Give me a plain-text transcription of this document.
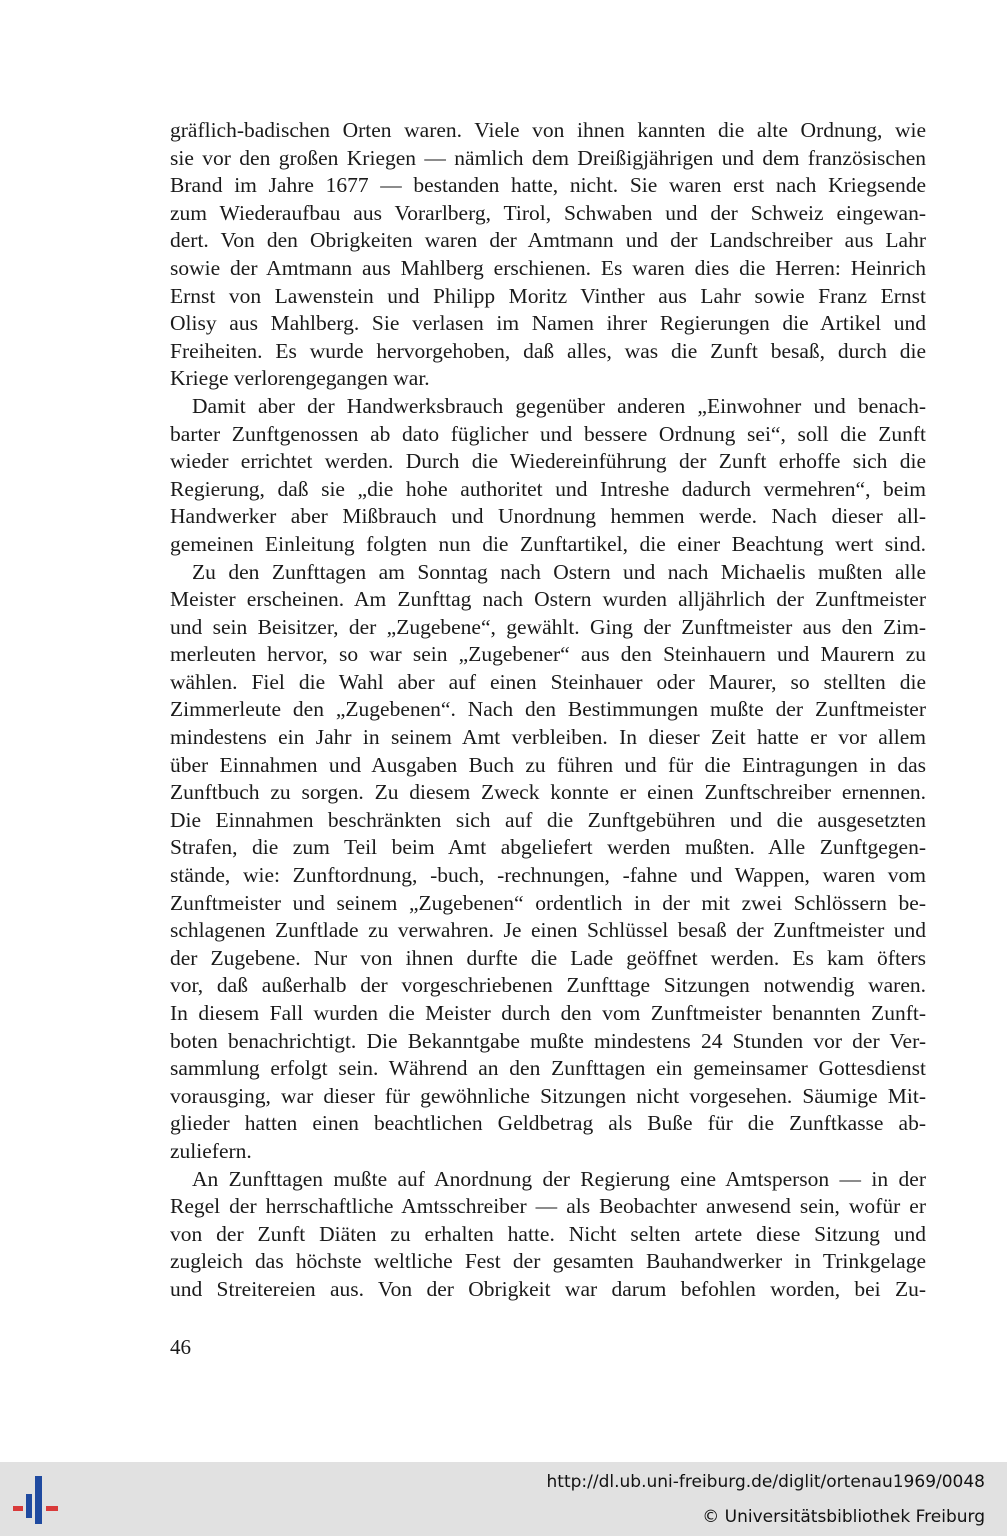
gräflich-badischen Orten waren. Viele von ihnen kannten die alte Ordnung, wie
sie vor den großen Kriegen — nämlich dem Dreißigjährigen und dem französischen
Brand im Jahre 1677 — bestanden hatte, nicht. Sie waren erst nach Kriegsende
zum Wiederaufbau aus Vorarlberg, Tirol, Schwaben und der Schweiz eingewan-
dert. Von den Obrigkeiten waren der Amtmann und der Landschreiber aus Lahr
sowie der Amtmann aus Mahlberg erschienen. Es waren dies die Herren: Heinrich
Ernst von Lawenstein und Philipp Moritz Vinther aus Lahr sowie Franz Ernst
Olisy aus Mahlberg. Sie verlasen im Namen ihrer Regierungen die Artikel und
Freiheiten. Es wurde hervorgehoben, daß alles, was die Zunft besaß, durch die
Kriege verlorengegangen war.
Damit aber der Handwerksbrauch gegenüber anderen „Einwohner und benach-
barter Zunftgenossen ab dato füglicher und bessere Ordnung sei“, soll die Zunft
wieder errichtet werden. Durch die Wiedereinführung der Zunft erhoffe sich die
Regierung, daß sie „die hohe authoritet und Intreshe dadurch vermehren“, beim
Handwerker aber Mißbrauch und Unordnung hemmen werde. Nach dieser all-
gemeinen Einleitung folgten nun die Zunftartikel, die einer Beachtung wert sind.
Zu den Zunfttagen am Sonntag nach Ostern und nach Michaelis mußten alle
Meister erscheinen. Am Zunfttag nach Ostern wurden alljährlich der Zunftmeister
und sein Beisitzer, der „Zugebene“, gewählt. Ging der Zunftmeister aus den Zim-
merleuten hervor, so war sein „Zugebener“ aus den Steinhauern und Maurern zu
wählen. Fiel die Wahl aber auf einen Steinhauer oder Maurer, so stellten die
Zimmerleute den „Zugebenen“. Nach den Bestimmungen mußte der Zunftmeister
mindestens ein Jahr in seinem Amt verbleiben. In dieser Zeit hatte er vor allem
über Einnahmen und Ausgaben Buch zu führen und für die Eintragungen in das
Zunftbuch zu sorgen. Zu diesem Zweck konnte er einen Zunftschreiber ernennen.
Die Einnahmen beschränkten sich auf die Zunftgebühren und die ausgesetzten
Strafen, die zum Teil beim Amt abgeliefert werden mußten. Alle Zunftgegen-
stände, wie: Zunftordnung, -buch, -rechnungen, -fahne und Wappen, waren vom
Zunftmeister und seinem „Zugebenen“ ordentlich in der mit zwei Schlössern be-
schlagenen Zunftlade zu verwahren. Je einen Schlüssel besaß der Zunftmeister und
der Zugebene. Nur von ihnen durfte die Lade geöffnet werden. Es kam öfters
vor, daß außerhalb der vorgeschriebenen Zunfttage Sitzungen notwendig waren.
In diesem Fall wurden die Meister durch den vom Zunftmeister benannten Zunft-
boten benachrichtigt. Die Bekanntgabe mußte mindestens 24 Stunden vor der Ver-
sammlung erfolgt sein. Während an den Zunfttagen ein gemeinsamer Gottesdienst
vorausging, war dieser für gewöhnliche Sitzungen nicht vorgesehen. Säumige Mit-
glieder hatten einen beachtlichen Geldbetrag als Buße für die Zunftkasse ab-
zuliefern.
An Zunfttagen mußte auf Anordnung der Regierung eine Amtsperson — in der
Regel der herrschaftliche Amtsschreiber — als Beobachter anwesend sein, wofür er
von der Zunft Diäten zu erhalten hatte. Nicht selten artete diese Sitzung und
zugleich das höchste weltliche Fest der gesamten Bauhandwerker in Trinkgelage
und Streitereien aus. Von der Obrigkeit war darum befohlen worden, bei Zu-
46
http://dl.ub.uni-freiburg.de/diglit/ortenau1969/0048
© Universitätsbibliothek Freiburg
